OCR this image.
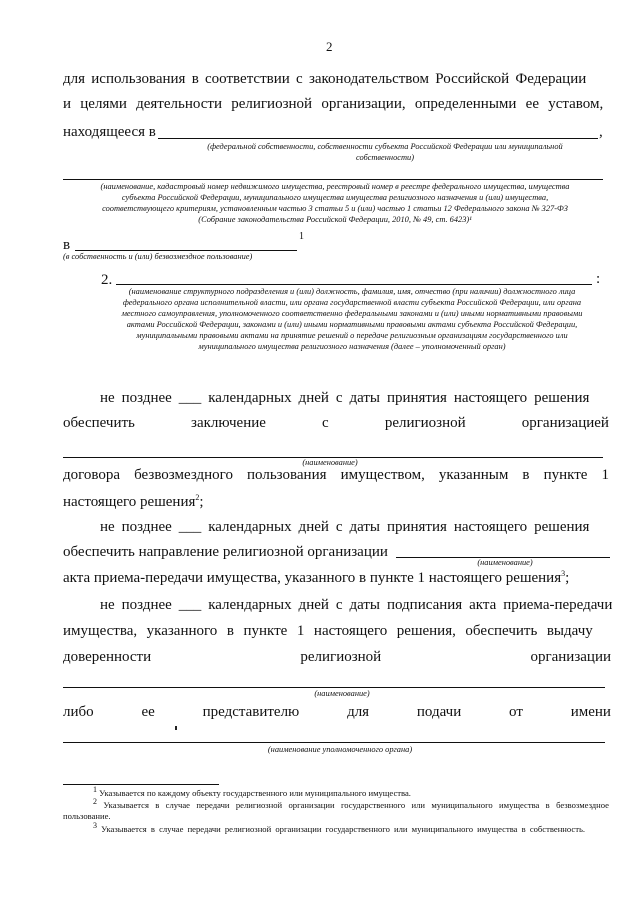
2
для использования в соответствии с законодательством Российской Федерации
и целями деятельности религиозной организации, определенными ее уставом,
находящееся в	,
(федеральной собственности, собственности субъекта Российской Федерации или муниципальной собственности)
(наименование, кадастровый номер недвижимого имущества, реестровый номер в реестре федерального имущества, имущества субъекта Российской Федерации, муниципального имущества имущества религиозного назначения и (или) имущества, соответствующего критериям, установленным частью 3 статьи 5 и (или) частью 1 статьи 12 Федерального закона № 327-ФЗ (Собрание законодательства Российской Федерации, 2010, № 49, ст. 6423)¹
в
1
(в собственность и (или) безвозмездное пользование)
2.	:
(наименование структурного подразделения и (или) должность, фамилия, имя, отчество (при наличии) должностного лица федерального органа исполнительной власти, или органа государственной власти субъекта Российской Федерации, или органа местного самоуправления, уполномоченного соответственно федеральными законами и (или) иными нормативными правовыми актами Российской Федерации, законами и (или) иными нормативными правовыми актами субъекта Российской Федерации, муниципальными правовыми актами на принятие решений о передаче религиозным организациям государственного или муниципального имущества религиозного назначения (далее – уполномоченный орган)
не позднее ___ календарных дней с даты принятия настоящего решения
обеспечить	заключение	с	религиозной	организацией
(наименование)
договора безвозмездного пользования имуществом, указанным в пункте 1
настоящего решения$^2$;
не позднее ___ календарных дней с даты принятия настоящего решения
обеспечить направление религиозной организации
(наименование)
акта приема-передачи имущества, указанного в пункте 1 настоящего решения$^3$;
не позднее ___ календарных дней с даты подписания акта приема-передачи
имущества, указанного в пункте 1 настоящего решения, обеспечить выдачу
доверенности	религиозной	организации
(наименование)
либо	ее	представителю	для	подачи	от	имени
(наименование уполномоченного органа)
$^1$ Указывается по каждому объекту государственного или муниципального имущества.
$^2$ Указывается в случае передачи религиозной организации государственного или муниципального имущества в безвозмездное пользование.
$^3$ Указывается в случае передачи религиозной организации государственного или муниципального имущества в собственность.
